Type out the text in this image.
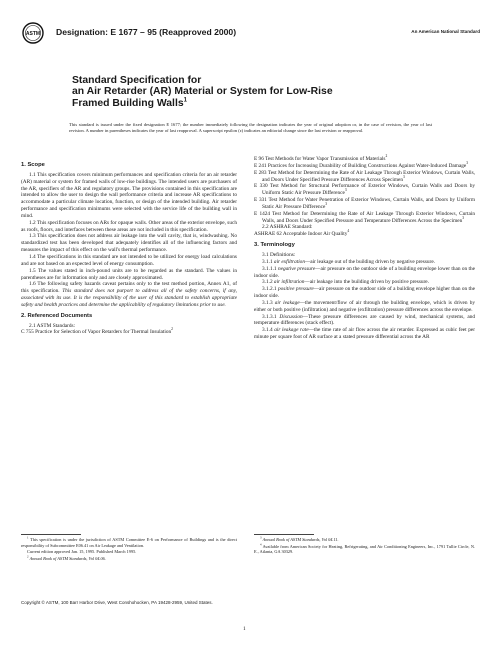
ASTM Designation: E 1677 – 95 (Reapproved 2000)	An American National Standard
Standard Specification for
an Air Retarder (AR) Material or System for Low-Rise
Framed Building Walls$^1$
This standard is issued under the fixed designation E 1677; the number immediately following the designation indicates the year of original adoption or, in the case of revision, the year of last revision. A number in parentheses indicates the year of last reapproval. A superscript epsilon (ε) indicates an editorial change since the last revision or reapproval.
1. Scope

1.1 This specification covers minimum performances and specification criteria for an air retarder (AR) material or system for framed walls of low-rise buildings. The intended users are purchasers of the AR, specifiers of the AR and regulatory groups. The provisions contained in this specification are intended to allow the user to design the wall performance criteria and increase AR specifications to accommodate a particular climate location, function, or design of the intended building. Air retarder performance and specification minimums were selected with the service life of the building wall in mind.

1.2 This specification focuses on ARs for opaque walls. Other areas of the exterior envelope, such as roofs, floors, and interfaces between these areas are not included in this specification.

1.3 This specification does not address air leakage into the wall cavity, that is, windwashing. No standardized test has been developed that adequately identifies all of the influencing factors and measures the impact of this effect on the wall's thermal performance.

1.4 The specifications in this standard are not intended to be utilized for energy load calculations and are not based on an expected level of energy consumption.

1.5 The values stated in inch-pound units are to be regarded as the standard. The values in parentheses are for information only and are closely approximated.

1.6 The following safety hazards caveat pertains only to the test method portion, Annex A1, of this specification. This standard does not purport to address all of the safety concerns, if any, associated with its use. It is the responsibility of the user of this standard to establish appropriate safety and health practices and determine the applicability of regulatory limitations prior to use.

2. Referenced Documents

2.1 ASTM Standards:

C 755 Practice for Selection of Vapor Retarders for Thermal Insulation$^2$

E 96 Test Methods for Water Vapor Transmission of Materials$^2$

E 241 Practices for Increasing Durability of Building Constructions Against Water-Induced Damage$^3$

E 283 Test Method for Determining the Rate of Air Leakage Through Exterior Windows, Curtain Walls, and Doors Under Specified Pressure Differences Across Specimen$^3$

E 330 Test Method for Structural Performance of Exterior Windows, Curtain Walls and Doors by Uniform Static Air Pressure Difference$^3$

E 331 Test Method for Water Penetration of Exterior Windows, Curtain Walls, and Doors by Uniform Static Air Pressure Difference$^3$

E 1424 Test Method for Determining the Rate of Air Leakage Through Exterior Windows, Curtain Walls, and Doors Under Specified Pressure and Temperature Differences Across the Specimen$^3$

2.2 ASHRAE Standard:

ASHRAE 62 Acceptable Indoor Air Quality$^4$

3. Terminology

3.1 Definitions:

3.1.1 air exfiltration—air leakage out of the building driven by negative pressure.

3.1.1.1 negative pressure—air pressure on the outdoor side of a building envelope lower than on the indoor side.

3.1.2 air infiltration—air leakage into the building driven by positive pressure.

3.1.2.1 positive pressure—air pressure on the outdoor side of a building envelope higher than on the indoor side.

3.1.3 air leakage—the movement/flow of air through the building envelope, which is driven by either or both positive (infiltration) and negative (exfiltration) pressure differences across the envelope.

3.1.3.1 Discussion—These pressure differences are caused by wind, mechanical systems, and temperature differences (stack effect).

3.1.4 air leakage rate—the time rate of air flow across the air retarder. Expressed as cubic feet per minute per square foot of AR surface at a stated pressure differential across the AR

$^1$ This specification is under the jurisdiction of ASTM Committee E-6 on Performance of Buildings and is the direct responsibility of Subcommittee E06.41 on Air Leakage and Ventilation.

Current edition approved Jan. 15, 1995. Published March 1995.

$^2$ Annual Book of ASTM Standards, Vol 04.06.

$^3$ Annual Book of ASTM Standards, Vol 04.11.

$^4$ Available from American Society for Heating, Refrigerating, and Air Conditioning Engineers, Inc., 1791 Tullie Circle, N. E., Atlanta, GA 30329.

Copyright © ASTM, 100 Barr Harbor Drive, West Conshohocken, PA 19428-2959, United States.
1
